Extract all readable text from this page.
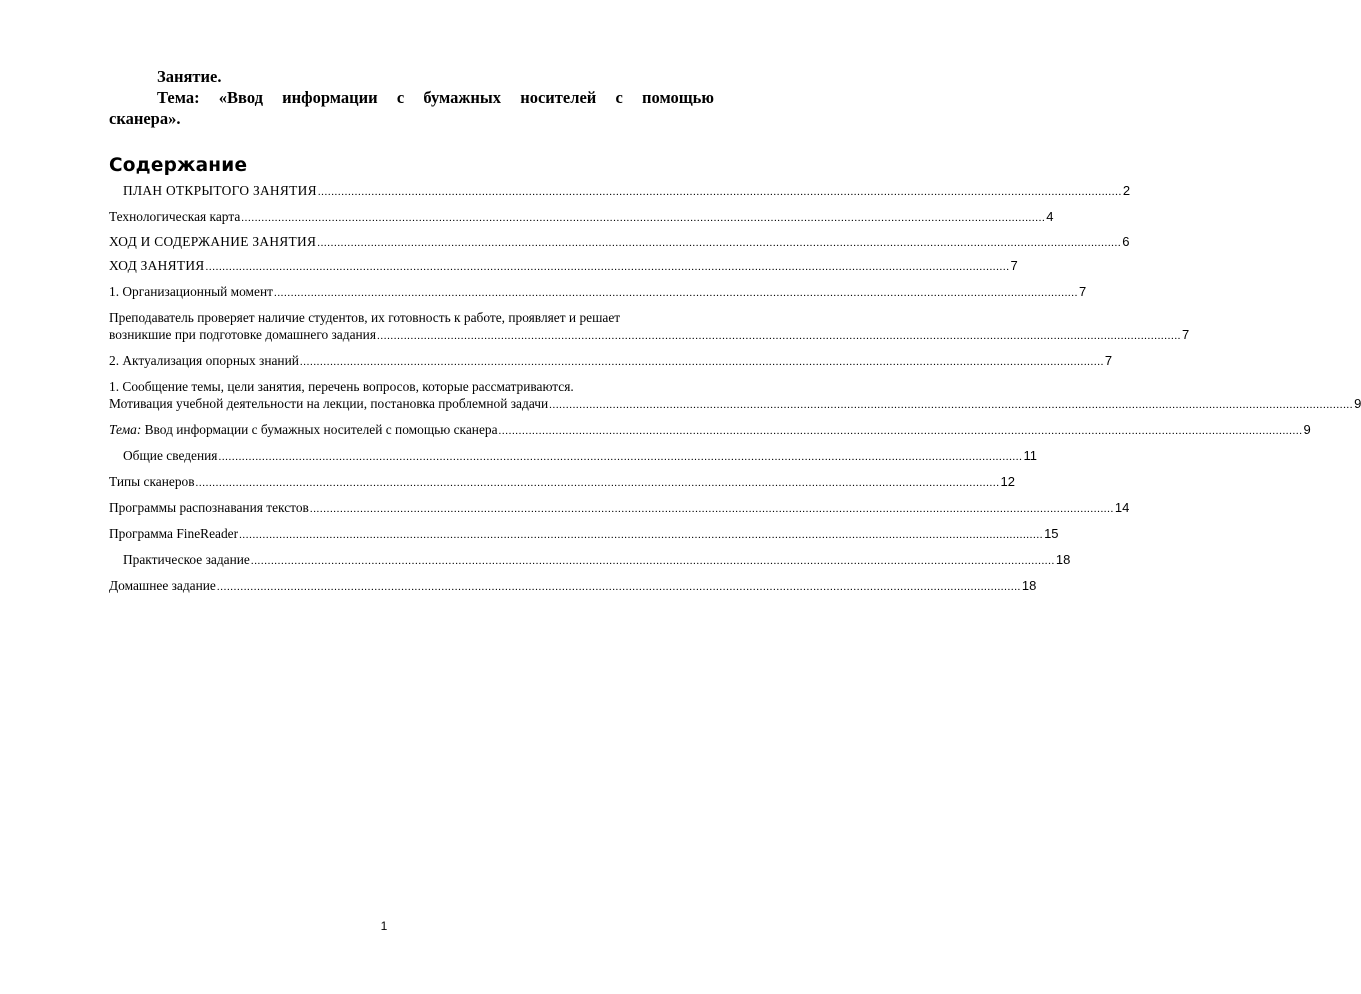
Занятие.
Тема: «Ввод информации с бумажных носителей с помощью сканера».
Содержание
ПЛАН ОТКРЫТОГО ЗАНЯТИЯ ................................................................................................................................................................................................................................................ 2
Технологическая карта ................................................................................................................................................................................................................................................ 4
ХОД И СОДЕРЖАНИЕ ЗАНЯТИЯ ................................................................................................................................................................................................................................................ 6
ХОД ЗАНЯТИЯ ................................................................................................................................................................................................................................................ 7
1. Организационный момент ................................................................................................................................................................................................................................................ 7
Преподаватель проверяет наличие студентов, их готовность к работе, проявляет и решает
возникшие при подготовке домашнего задания ................................................................................................................................................................................................................................................ 7
2. Актуализация опорных знаний ................................................................................................................................................................................................................................................ 7
1. Сообщение темы, цели занятия, перечень вопросов, которые рассматриваются.
Мотивация учебной деятельности на лекции, постановка проблемной задачи ................................................................................................................................................................................................................................................ 9
Тема: Ввод информации с бумажных носителей с помощью сканера ................................................................................................................................................................................................................................................ 9
Общие сведения ................................................................................................................................................................................................................................................ 11
Типы сканеров ................................................................................................................................................................................................................................................ 12
Программы распознавания текстов ................................................................................................................................................................................................................................................ 14
Программа FineReader ................................................................................................................................................................................................................................................ 15
Практическое задание ................................................................................................................................................................................................................................................ 18
Домашнее задание ................................................................................................................................................................................................................................................ 18
1
